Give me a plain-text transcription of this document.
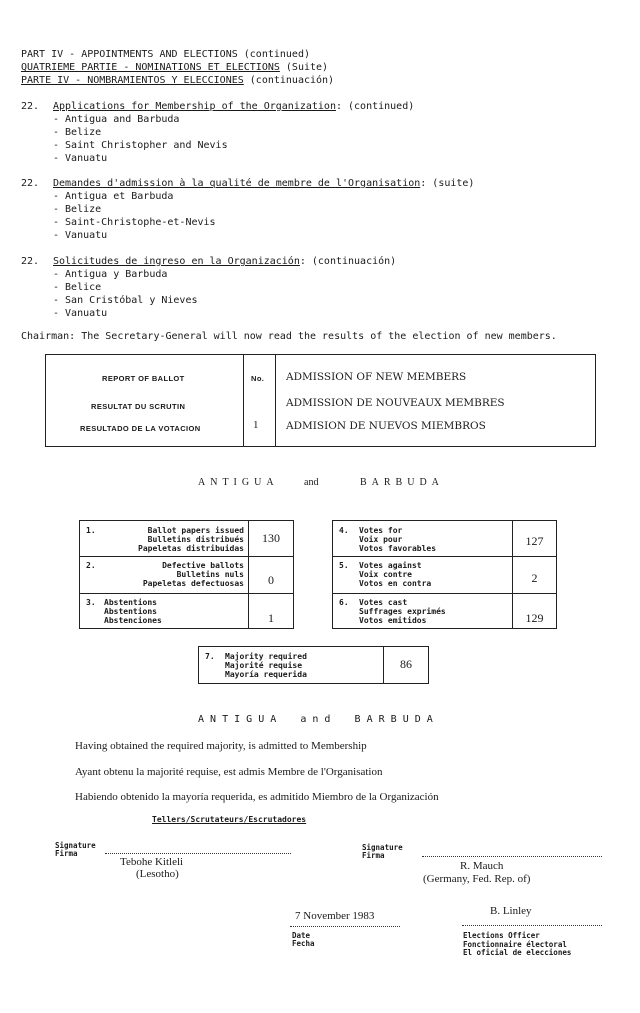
PART IV - APPOINTMENTS AND ELECTIONS (continued)
QUATRIEME PARTIE - NOMINATIONS ET ELECTIONS (Suite)
PARTE IV - NOMBRAMIENTOS Y ELECCIONES (continuación)
22. Applications for Membership of the Organization: (continued)
- Antigua and Barbuda
- Belize
- Saint Christopher and Nevis
- Vanuatu
22. Demandes d'admission à la qualité de membre de l'Organisation: (suite)
- Antigua et Barbuda
- Belize
- Saint-Christophe-et-Nevis
- Vanuatu
22. Solicitudes de ingreso en la Organización: (continuación)
- Antigua y Barbuda
- Belice
- San Cristóbal y Nieves
- Vanuatu
Chairman: The Secretary-General will now read the results of the election of new members.
REPORT OF BALLOT
RESULTAT DU SCRUTIN
RESULTADO DE LA VOTACION
No.
1
ADMISSION OF NEW MEMBERS
ADMISSION DE NOUVEAUX MEMBRES
ADMISION DE NUEVOS MIEMBROS
ANTIGUA	and	BARBUDA
1.	Ballot papers issued
Bulletins distribués
Papeletas distribuidas
130
2.	Defective ballots
Bulletins nuls
Papeletas defectuosas	0
3. Abstentions
Abstentions
Abstenciones	1
4. Votes for
Voix pour
Votos favorables
127
5. Votes against
Voix contre
Votos en contra	2
6. Votes cast
Suffrages exprimés
Votos emitidos	129
7. Majority required
Majorité requise
Mayoría requerida
86
A N T I G U A    a n d    B A R B U D A
Having obtained the required majority, is admitted to Membership
Ayant obtenu la majorité requise, est admis Membre de l'Organisation
Habiendo obtenido la mayoría requerida, es admitido Miembro de la Organización
Tellers/Scrutateurs/Escrutadores
Signature
Firma
Tebohe Kitleli
(Lesotho)
Signature
Firma
R. Mauch
(Germany, Fed. Rep. of)
7 November 1983
Date
Fecha
B. Linley
Elections Officer
Fonctionnaire électoral
El oficial de elecciones
